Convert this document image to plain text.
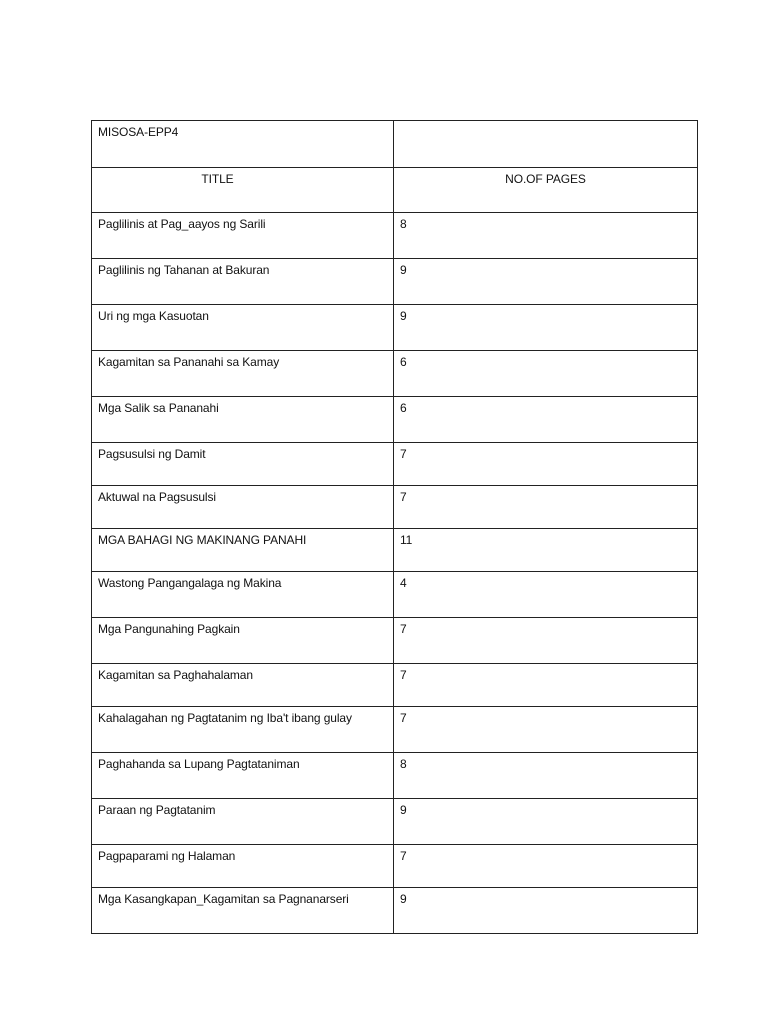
MISOSA-EPP4	
TITLE	NO.OF PAGES
Paglilinis at Pag_aayos ng Sarili	8
Paglilinis ng Tahanan at Bakuran	9
Uri ng mga Kasuotan	9
Kagamitan sa Pananahi sa Kamay	6
Mga Salik sa Pananahi	6
Pagsusulsi ng Damit	7
Aktuwal na Pagsusulsi	7
MGA BAHAGI NG MAKINANG PANAHI	11
Wastong Pangangalaga ng Makina	4
Mga Pangunahing Pagkain	7
Kagamitan sa Paghahalaman	7
Kahalagahan ng Pagtatanim ng Iba't ibang gulay	7
Paghahanda sa Lupang Pagtataniman	8
Paraan ng Pagtatanim	9
Pagpaparami ng Halaman	7
Mga Kasangkapan_Kagamitan sa Pagnanarseri	9
